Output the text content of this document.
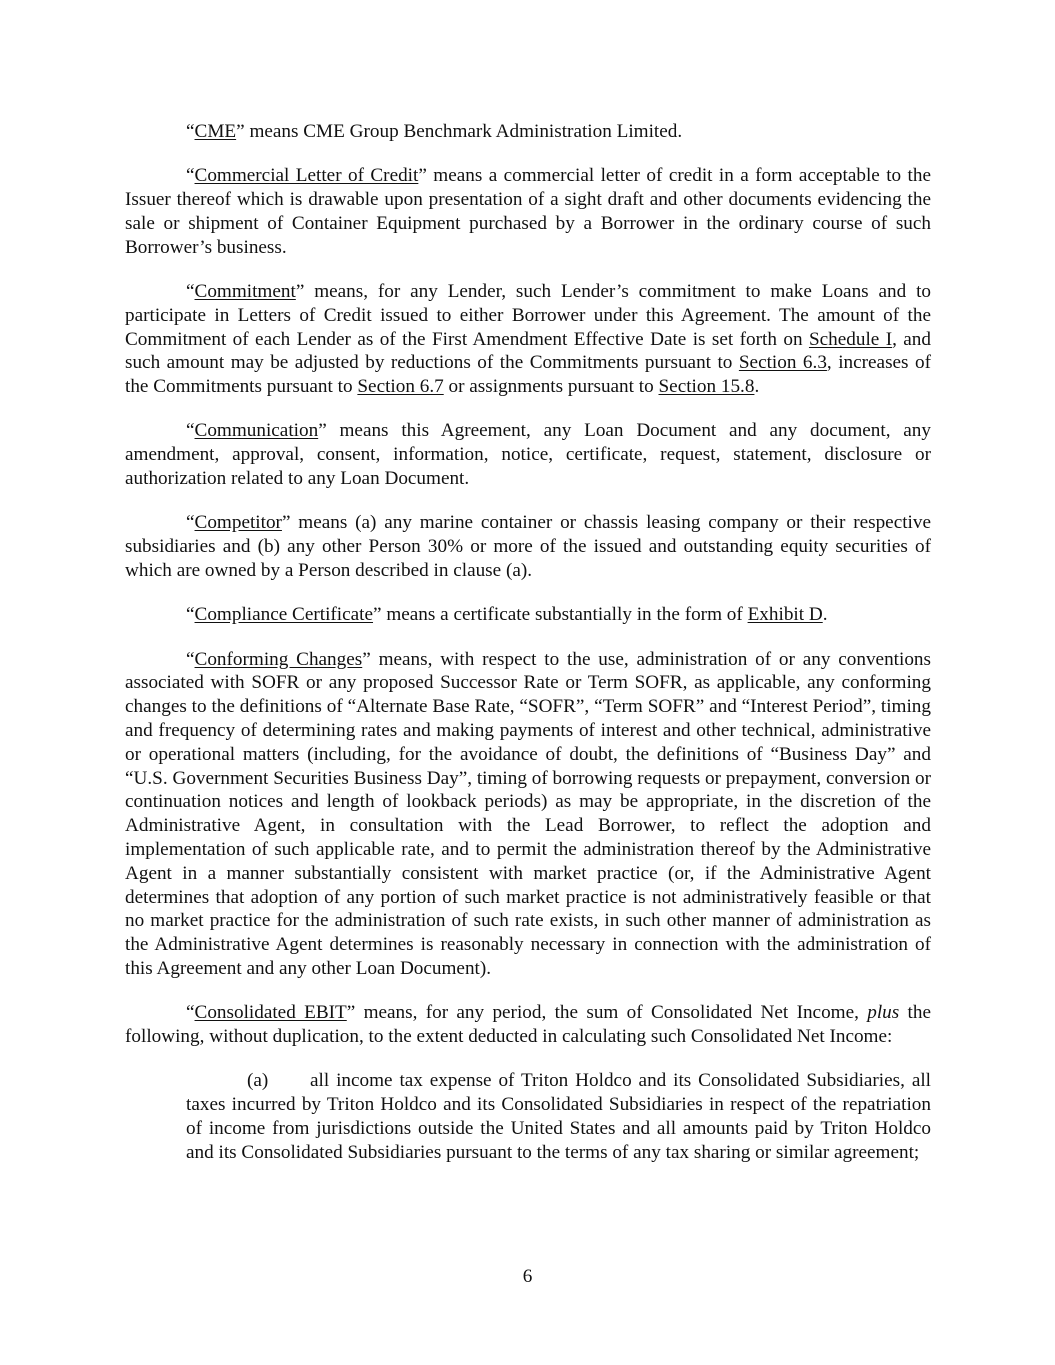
“CME” means CME Group Benchmark Administration Limited.

“Commercial Letter of Credit” means a commercial letter of credit in a form acceptable to the Issuer thereof which is drawable upon presentation of a sight draft and other documents evidencing the sale or shipment of Container Equipment purchased by a Borrower in the ordinary course of such Borrower’s business.

“Commitment” means, for any Lender, such Lender’s commitment to make Loans and to participate in Letters of Credit issued to either Borrower under this Agreement. The amount of the Commitment of each Lender as of the First Amendment Effective Date is set forth on Schedule I, and such amount may be adjusted by reductions of the Commitments pursuant to Section 6.3, increases of the Commitments pursuant to Section 6.7 or assignments pursuant to Section 15.8.

“Communication” means this Agreement, any Loan Document and any document, any amendment, approval, consent, information, notice, certificate, request, statement, disclosure or authorization related to any Loan Document.

“Competitor” means (a) any marine container or chassis leasing company or their respective subsidiaries and (b) any other Person 30% or more of the issued and outstanding equity securities of which are owned by a Person described in clause (a).

“Compliance Certificate” means a certificate substantially in the form of Exhibit D.

“Conforming Changes” means, with respect to the use, administration of or any conventions associated with SOFR or any proposed Successor Rate or Term SOFR, as applicable, any conforming changes to the definitions of “Alternate Base Rate, “SOFR”, “Term SOFR” and “Interest Period”, timing and frequency of determining rates and making payments of interest and other technical, administrative or operational matters (including, for the avoidance of doubt, the definitions of “Business Day” and “U.S. Government Securities Business Day”, timing of borrowing requests or prepayment, conversion or continuation notices and length of lookback periods) as may be appropriate, in the discretion of the Administrative Agent, in consultation with the Lead Borrower, to reflect the adoption and implementation of such applicable rate, and to permit the administration thereof by the Administrative Agent in a manner substantially consistent with market practice (or, if the Administrative Agent determines that adoption of any portion of such market practice is not administratively feasible or that no market practice for the administration of such rate exists, in such other manner of administration as the Administrative Agent determines is reasonably necessary in connection with the administration of this Agreement and any other Loan Document).

“Consolidated EBIT” means, for any period, the sum of Consolidated Net Income, plus the following, without duplication, to the extent deducted in calculating such Consolidated Net Income:

(a) all income tax expense of Triton Holdco and its Consolidated Subsidiaries, all taxes incurred by Triton Holdco and its Consolidated Subsidiaries in respect of the repatriation of income from jurisdictions outside the United States and all amounts paid by Triton Holdco and its Consolidated Subsidiaries pursuant to the terms of any tax sharing or similar agreement;

6
